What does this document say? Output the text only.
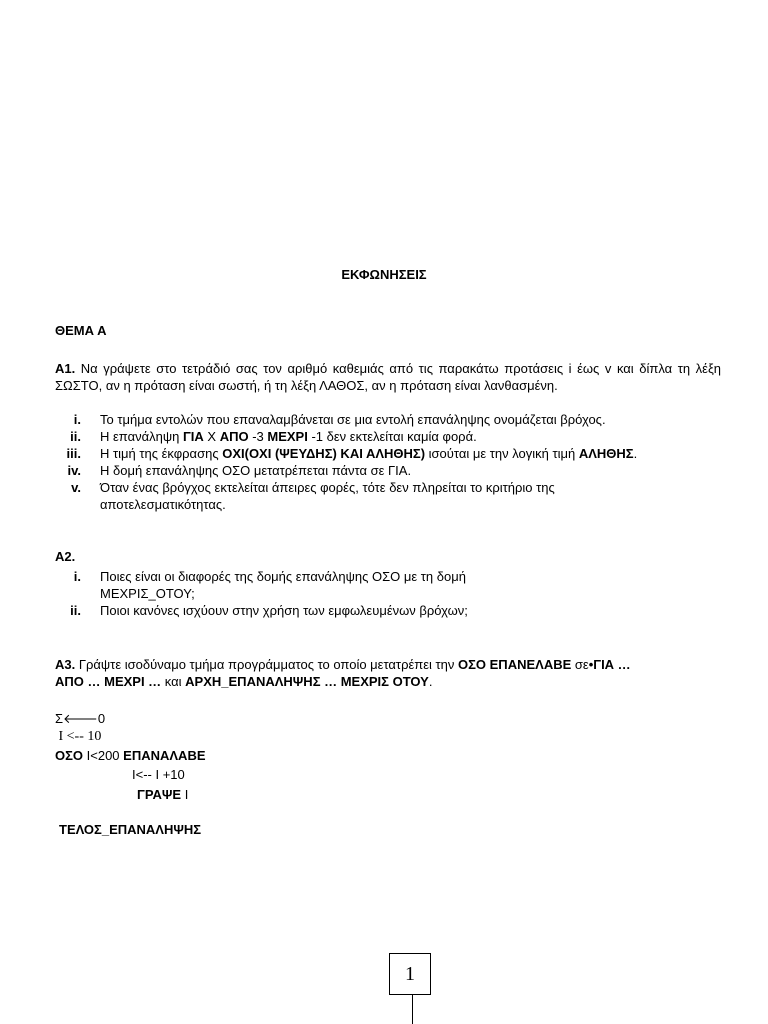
ΕΚΦΩΝΗΣΕΙΣ
ΘΕΜΑ Α
Α1. Να γράψετε στο τετράδιό σας τον αριθμό καθεμιάς από τις παρακάτω προτάσεις i έως v και δίπλα τη λέξη ΣΩΣΤΟ, αν η πρόταση είναι σωστή, ή τη λέξη ΛΑΘΟΣ, αν η πρόταση είναι λανθασμένη.
i. Το τμήμα εντολών που επαναλαμβάνεται σε μια εντολή επανάληψης ονομάζεται βρόχος.
ii. Η επανάληψη ΓΙΑ Χ ΑΠΟ -3 ΜΕΧΡΙ -1 δεν εκτελείται καμία φορά.
iii. Η τιμή της έκφρασης ΟΧΙ(ΟΧΙ (ΨΕΥΔΗΣ) ΚΑΙ ΑΛΗΘΗΣ) ισούται με την λογική τιμή ΑΛΗΘΗΣ.
iv. Η δομή επανάληψης ΟΣΟ μετατρέπεται πάντα σε ΓΙΑ.
v. Όταν ένας βρόγχος εκτελείται άπειρες φορές, τότε δεν πληρείται το κριτήριο της
αποτελεσματικότητας.
Α2.
i. Ποιες είναι οι διαφορές της δομής επανάληψης ΟΣΟ με τη δομή
ΜΕΧΡΙΣ_ΟΤΟΥ;
ii. Ποιοι κανόνες ισχύουν στην χρήση των εμφωλευμένων βρόχων;
Α3. Γράψτε ισοδύναμο τμήμα προγράμματος το οποίο μετατρέπει την ΟΣΟ ΕΠΑΝΕΛΑΒΕ σε•ΓΙΑ …
ΑΠΟ … ΜΕΧΡΙ … και ΑΡΧΗ_ΕΠΑΝΑΛΗΨΗΣ … ΜΕΧΡΙΣ ΟΤΟΥ.
Σ🡐0
I <-- 10
ΟΣΟ I<200 ΕΠΑΝΑΛΑΒΕ
I<-- I +10
ΓΡΑΨΕ I
ΤΕΛΟΣ_ΕΠΑΝΑΛΗΨΗΣ
1
